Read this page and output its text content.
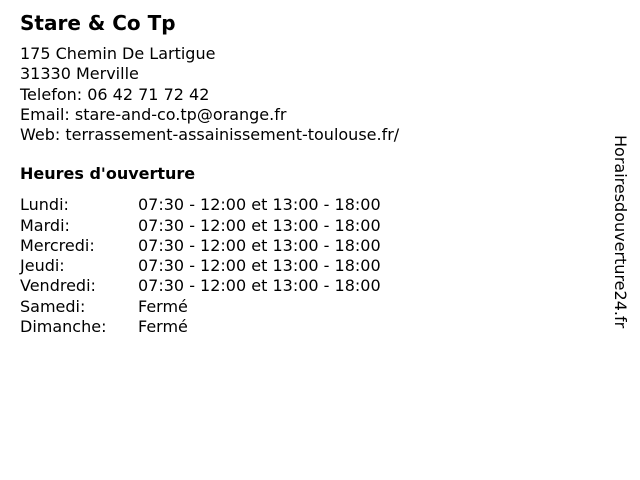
Stare & Co Tp
175 Chemin De Lartigue
31330 Merville
Telefon: 06 42 71 72 42
Email: stare-and-co.tp@orange.fr
Web: terrassement-assainissement-toulouse.fr/
Heures d'ouverture
Lundi:	07:30 - 12:00 et 13:00 - 18:00
Mardi:	07:30 - 12:00 et 13:00 - 18:00
Mercredi:	07:30 - 12:00 et 13:00 - 18:00
Jeudi:	07:30 - 12:00 et 13:00 - 18:00
Vendredi:	07:30 - 12:00 et 13:00 - 18:00
Samedi:	Fermé
Dimanche:	Fermé	Horairesdouverture24.fr
